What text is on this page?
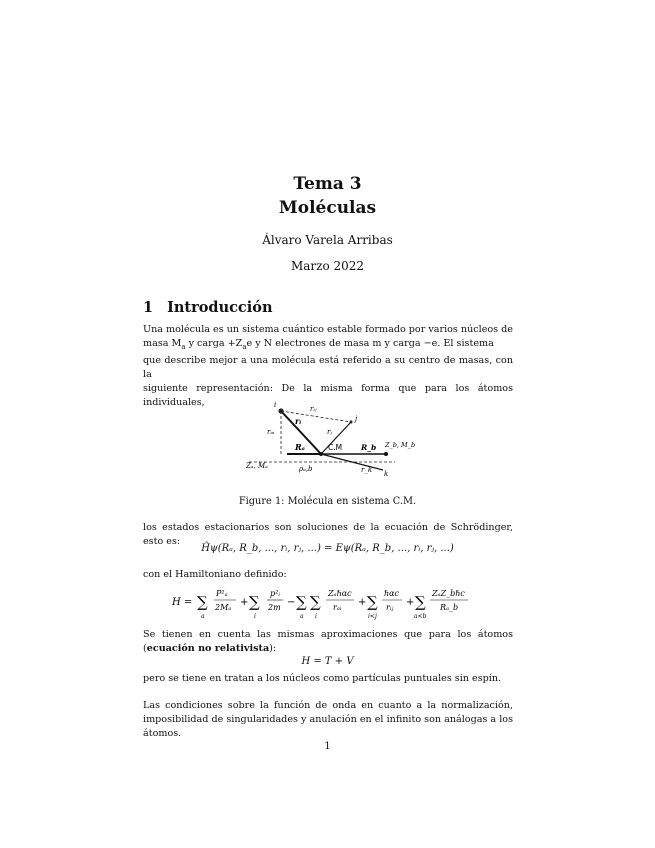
Tema 3
Moléculas
Álvaro Varela Arribas
Marzo 2022
1 Introducción
Una molécula es un sistema cuántico estable formado por varios núcleos de
masa $M_a$ y carga $+Z_ae$ y N electrones de masa m y carga −e. El sistema
que describe mejor a una molécula está referido a su centro de masas, con la
siguiente representación: De la misma forma que para los átomos individuales,	i
j
rᵢⱼ
rᵢ
rⱼ
rₐᵢ
Rₐ	C.M	R_b Z_b, M_b
Zₐ, Mₐ	ρₐ,b	r_k k
Figure 1: Molécula en sistema C.M.
los estados estacionarios son soluciones de la ecuación de Schrödinger, esto es:
Ĥψ(Rₐ, R_b, ..., rᵢ, rⱼ, ...) = Eψ(Rₐ, R_b, ..., rᵢ, rⱼ, ...)
con el Hamiltoniano definido:
H = ∑
a
P²ₐ
2Mₐ + ∑
i
p²ᵢ
2m − ∑
a
∑
i
Zₐℏαc
rₐᵢ + ∑
i<j
ℏαc
rᵢⱼ + ∑
a<b
ZₐZ_bℏc
Rₐ_b
Se tienen en cuenta las mismas aproximaciones que para los átomos (ecuación no relativista):
H = T + V
pero se tiene en tratan a los núcleos como partículas puntuales sin espín.
Las condiciones sobre la función de onda en cuanto a la normalización, imposibilidad de singularidades y anulación en el infinito son análogas a los átomos.
1
